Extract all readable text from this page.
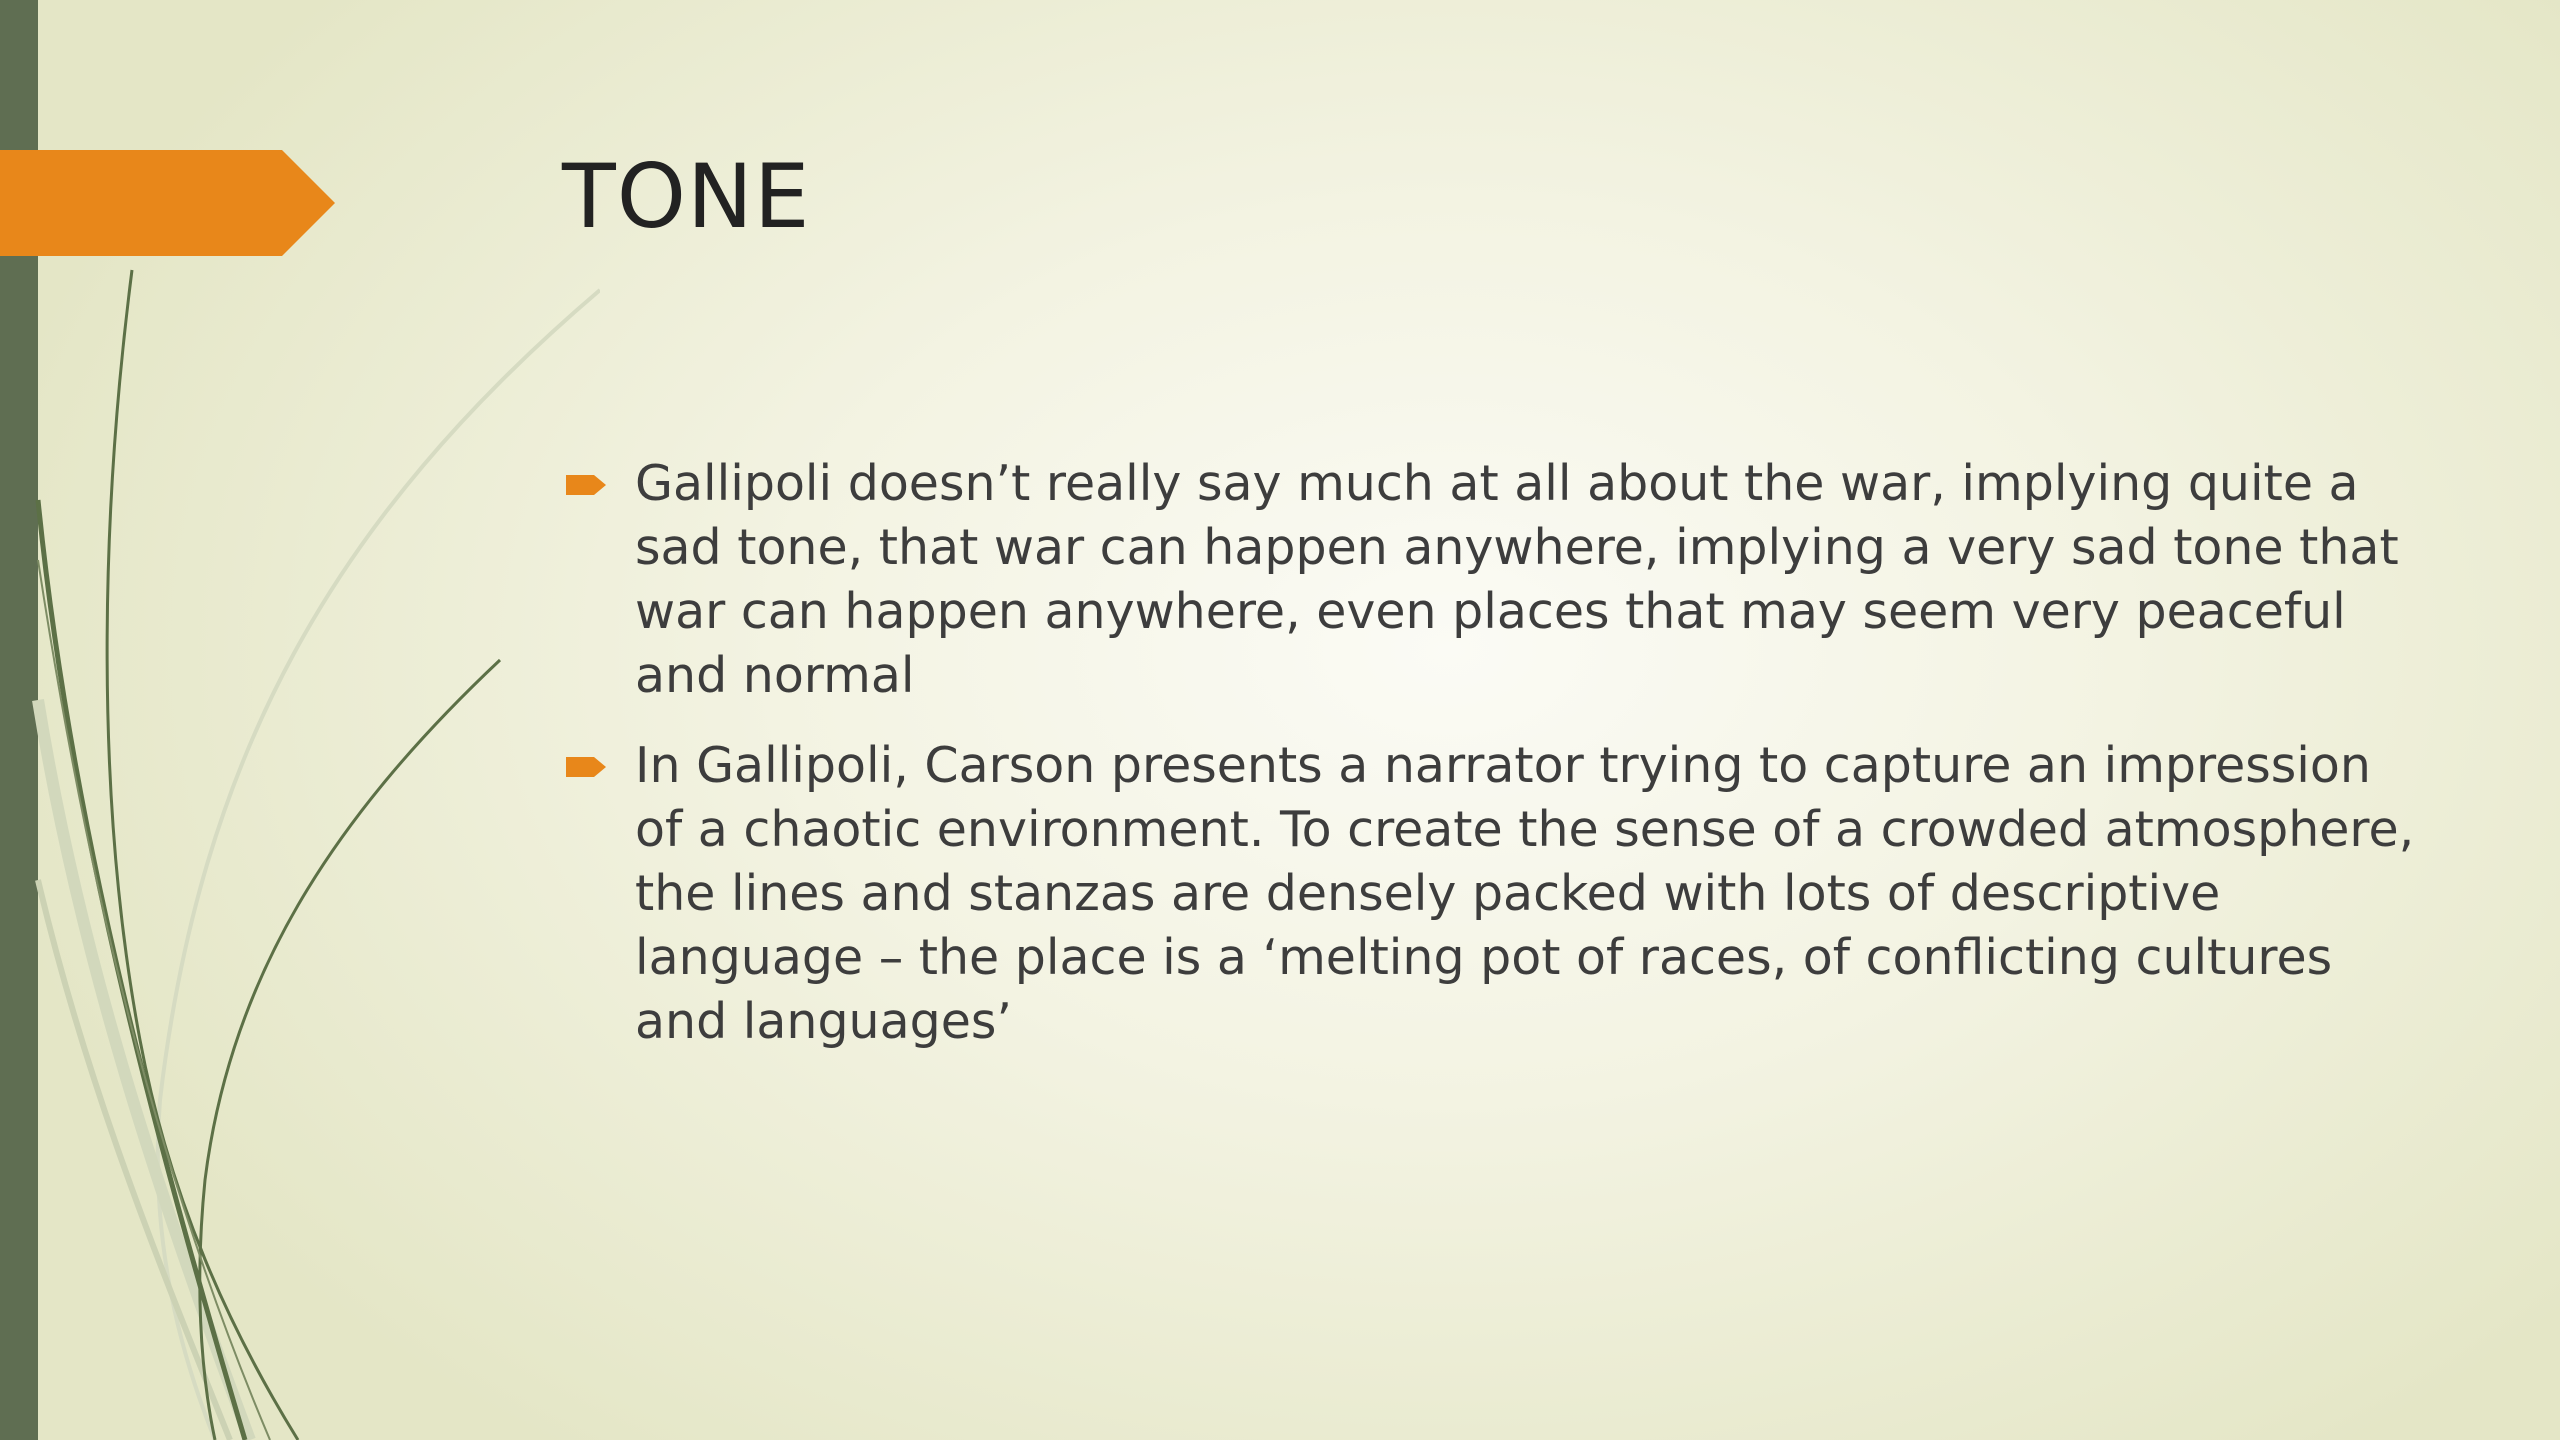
TONE
Gallipoli doesn’t really say much at all about the war, implying quite a sad tone, that war can happen anywhere, implying a very sad tone that war can happen anywhere, even places that may seem very peaceful and normal
In Gallipoli, Carson presents a narrator trying to capture an impression of a chaotic environment. To create the sense of a crowded atmosphere, the lines and stanzas are densely packed with lots of descriptive language – the place is a ‘melting pot of races, of conflicting cultures and languages’
